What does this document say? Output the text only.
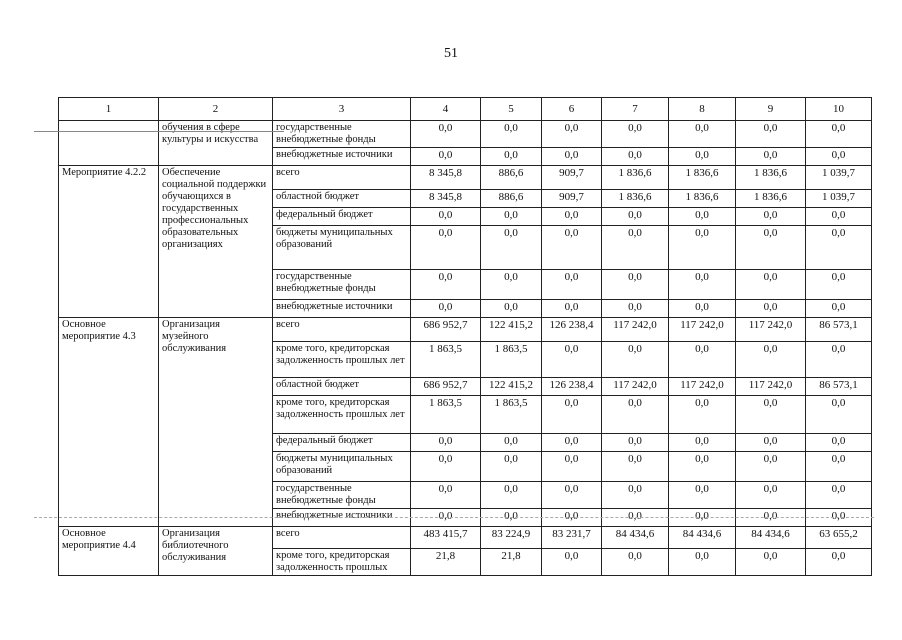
51
1	2	3	4	5	6	7	8	9	10
	обучения в сфере культуры и искусства	государственные внебюджетные фонды	0,0	0,0	0,0	0,0	0,0	0,0	0,0
		внебюджетные источники	0,0	0,0	0,0	0,0	0,0	0,0	0,0
Мероприятие 4.2.2	Обеспечение социальной поддержки обучающихся в государственных профессиональных образовательных организациях	всего	8 345,8	886,6	909,7	1 836,6	1 836,6	1 836,6	1 039,7
		областной бюджет	8 345,8	886,6	909,7	1 836,6	1 836,6	1 836,6	1 039,7
		федеральный бюджет	0,0	0,0	0,0	0,0	0,0	0,0	0,0
		бюджеты муниципальных образований	0,0	0,0	0,0	0,0	0,0	0,0	0,0
		государственные внебюджетные фонды	0,0	0,0	0,0	0,0	0,0	0,0	0,0
		внебюджетные источники	0,0	0,0	0,0	0,0	0,0	0,0	0,0
Основное мероприятие 4.3	Организация музейного обслуживания	всего	686 952,7	122 415,2	126 238,4	117 242,0	117 242,0	117 242,0	86 573,1
		кроме того, кредиторская задолженность прошлых лет	1 863,5	1 863,5	0,0	0,0	0,0	0,0	0,0
		областной бюджет	686 952,7	122 415,2	126 238,4	117 242,0	117 242,0	117 242,0	86 573,1
		кроме того, кредиторская задолженность прошлых лет	1 863,5	1 863,5	0,0	0,0	0,0	0,0	0,0
		федеральный бюджет	0,0	0,0	0,0	0,0	0,0	0,0	0,0
		бюджеты муниципальных образований	0,0	0,0	0,0	0,0	0,0	0,0	0,0
		государственные внебюджетные фонды	0,0	0,0	0,0	0,0	0,0	0,0	0,0
		внебюджетные источники	0,0	0,0	0,0	0,0	0,0	0,0	0,0
Основное мероприятие 4.4	Организация библиотечного обслуживания	всего	483 415,7	83 224,9	83 231,7	84 434,6	84 434,6	84 434,6	63 655,2
		кроме того, кредиторская задолженность прошлых	21,8	21,8	0,0	0,0	0,0	0,0	0,0
